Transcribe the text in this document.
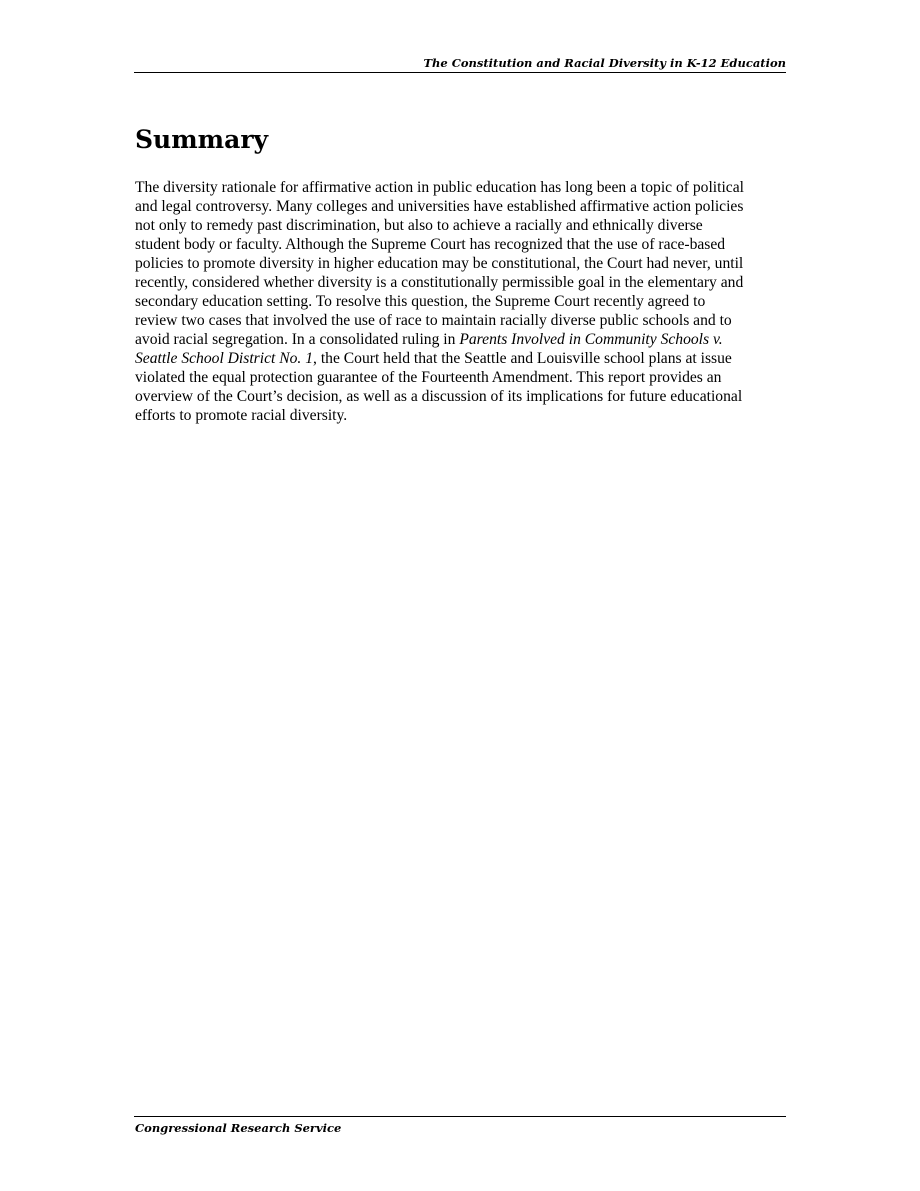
The Constitution and Racial Diversity in K-12 Education
Summary

The diversity rationale for affirmative action in public education has long been a topic of political
and legal controversy. Many colleges and universities have established affirmative action policies
not only to remedy past discrimination, but also to achieve a racially and ethnically diverse
student body or faculty. Although the Supreme Court has recognized that the use of race-based
policies to promote diversity in higher education may be constitutional, the Court had never, until
recently, considered whether diversity is a constitutionally permissible goal in the elementary and
secondary education setting. To resolve this question, the Supreme Court recently agreed to
review two cases that involved the use of race to maintain racially diverse public schools and to
avoid racial segregation. In a consolidated ruling in Parents Involved in Community Schools v.
Seattle School District No. 1, the Court held that the Seattle and Louisville school plans at issue
violated the equal protection guarantee of the Fourteenth Amendment. This report provides an
overview of the Court’s decision, as well as a discussion of its implications for future educational
efforts to promote racial diversity.

Congressional Research Service
